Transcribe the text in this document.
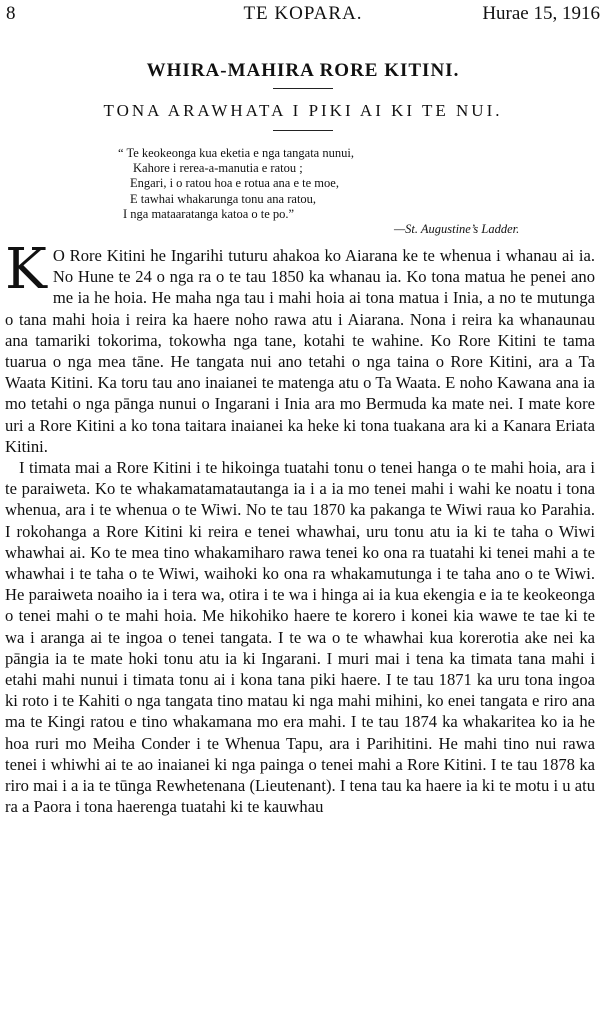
8	TE KOPARA.	Hurae 15, 1916
WHIRA-MAHIRA RORE KITINI.
TONA ARAWHATA I PIKI AI KI TE NUI.
“ Te keokeonga kua eketia e nga tangata nunui,
Kahore i rerea-a-manutia e ratou ;
Engari, i o ratou hoa e rotua ana e te moe,
E tawhai whakarunga tonu ana ratou,
I nga mataaratanga katoa o te po.”
—St. Augustine’s Ladder.

K O Rore Kitini he Ingarihi tuturu ahakoa ko Aiarana ke te whenua i whanau ai ia. No Hune te 24 o nga ra o te tau 1850 ka whanau ia. Ko tona matua he penei ano me ia he hoia. He maha nga tau i mahi hoia ai tona matua i Inia, a no te mutunga o tana mahi hoia i reira ka haere noho rawa atu i Aiarana. Nona i reira ka whanaunau ana tamariki tokorima, tokowha nga tane, kotahi te wahine. Ko Rore Kitini te tama tuarua o nga mea tāne. He tangata nui ano tetahi o nga taina o Rore Kitini, ara a Ta Waata Kitini. Ka toru tau ano inaianei te matenga atu o Ta Waata. E noho Kawana ana ia mo tetahi o nga pānga nunui o Ingarani i Inia ara mo Bermuda ka mate nei. I mate kore uri a Rore Kitini a ko tona taitara inaianei ka heke ki tona tuakana ara ki a Kanara Eriata Kitini.

I timata mai a Rore Kitini i te hikoinga tuatahi tonu o tenei hanga o te mahi hoia, ara i te paraiweta. Ko te whakamatamatautanga ia i a ia mo tenei mahi i wahi ke noatu i tona whenua, ara i te whenua o te Wiwi. No te tau 1870 ka pakanga te Wiwi raua ko Parahia. I rokohanga a Rore Kitini ki reira e tenei whawhai, uru tonu atu ia ki te taha o Wiwi whawhai ai. Ko te mea tino whakamiharo rawa tenei ko ona ra tuatahi ki tenei mahi a te whawhai i te taha o te Wiwi, waihoki ko ona ra whakamutunga i te taha ano o te Wiwi. He paraiweta noaiho ia i tera wa, otira i te wa i hinga ai ia kua ekengia e ia te keokeonga o tenei mahi o te mahi hoia. Me hikohiko haere te korero i konei kia wawe te tae ki te wa i aranga ai te ingoa o tenei tangata. I te wa o te whawhai kua korerotia ake nei ka pāngia ia te mate hoki tonu atu ia ki Ingarani. I muri mai i tena ka timata tana mahi i etahi mahi nunui i timata tonu ai i kona tana piki haere. I te tau 1871 ka uru tona ingoa ki roto i te Kahiti o nga tangata tino matau ki nga mahi mihini, ko enei tangata e riro ana ma te Kingi ratou e tino whakamana mo era mahi. I te tau 1874 ka whakaritea ko ia he hoa ruri mo Meiha Conder i te Whenua Tapu, ara i Parihitini. He mahi tino nui rawa tenei i whiwhi ai te ao inaianei ki nga painga o tenei mahi a Rore Kitini. I te tau 1878 ka riro mai i a ia te tūnga Rewhetenana (Lieutenant). I tena tau ka haere ia ki te motu i u atu ra a Paora i tona haerenga tuatahi ki te kauwhau
